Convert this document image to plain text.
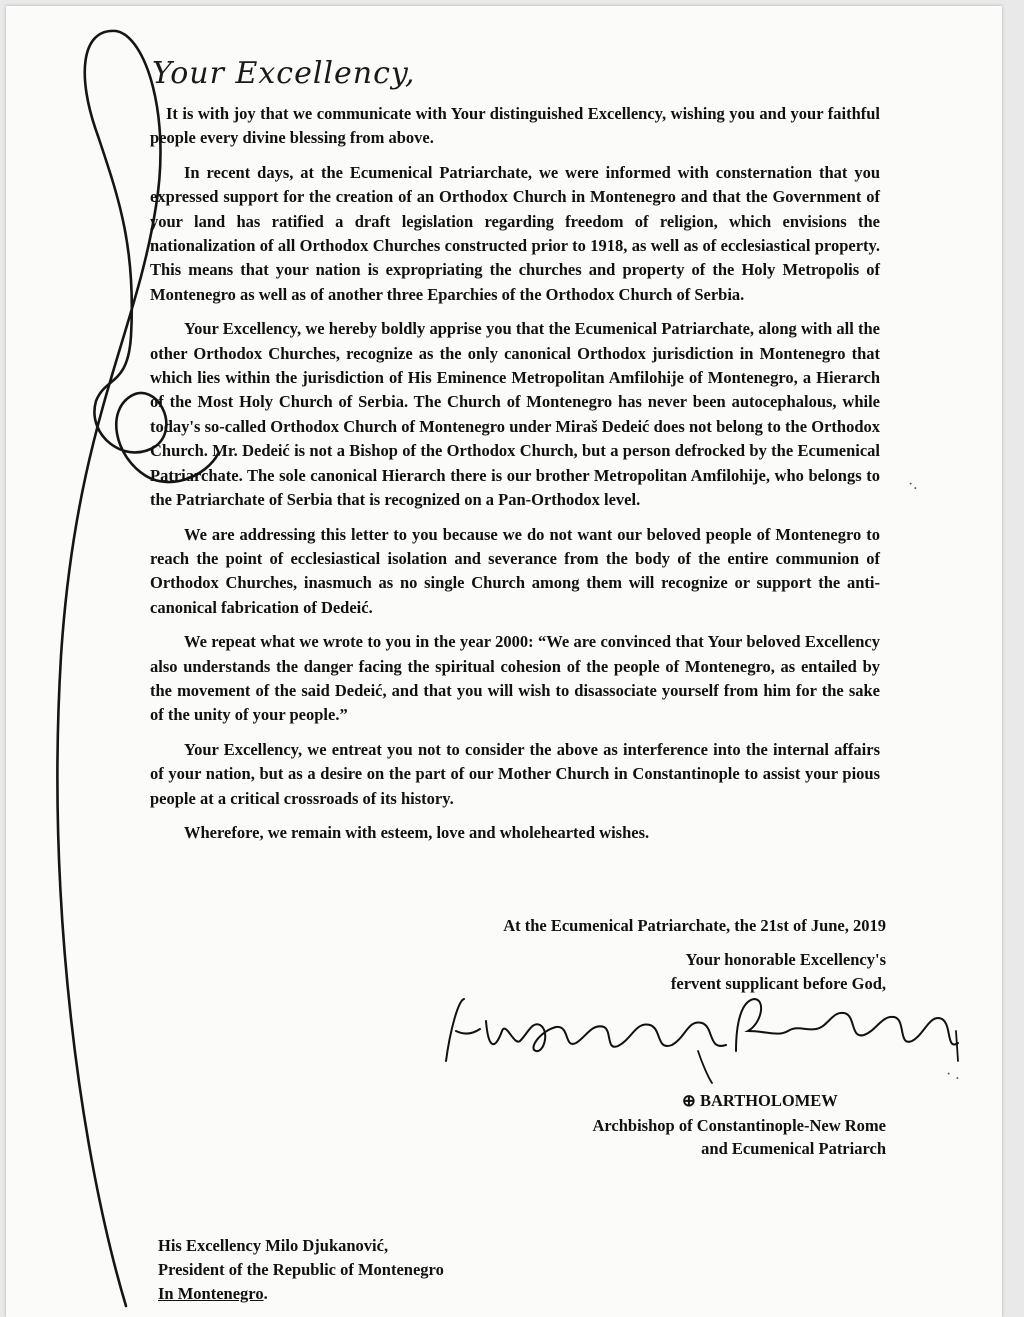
Your Excellency,

It is with joy that we communicate with Your distinguished Excellency, wishing you and your faithful people every divine blessing from above.

In recent days, at the Ecumenical Patriarchate, we were informed with consternation that you expressed support for the creation of an Orthodox Church in Montenegro and that the Government of your land has ratified a draft legislation regarding freedom of religion, which envisions the nationalization of all Orthodox Churches constructed prior to 1918, as well as of ecclesiastical property. This means that your nation is expropriating the churches and property of the Holy Metropolis of Montenegro as well as of another three Eparchies of the Orthodox Church of Serbia.

Your Excellency, we hereby boldly apprise you that the Ecumenical Patriarchate, along with all the other Orthodox Churches, recognize as the only canonical Orthodox jurisdiction in Montenegro that which lies within the jurisdiction of His Eminence Metropolitan Amfilohije of Montenegro, a Hierarch of the Most Holy Church of Serbia. The Church of Montenegro has never been autocephalous, while today's so-called Orthodox Church of Montenegro under Miraš Dedeić does not belong to the Orthodox Church. Mr. Dedeić is not a Bishop of the Orthodox Church, but a person defrocked by the Ecumenical Patriarchate. The sole canonical Hierarch there is our brother Metropolitan Amfilohije, who belongs to the Patriarchate of Serbia that is recognized on a Pan-Orthodox level.

We are addressing this letter to you because we do not want our beloved people of Montenegro to reach the point of ecclesiastical isolation and severance from the body of the entire communion of Orthodox Churches, inasmuch as no single Church among them will recognize or support the anti-canonical fabrication of Dedeić.

We repeat what we wrote to you in the year 2000: “We are convinced that Your beloved Excellency also understands the danger facing the spiritual cohesion of the people of Montenegro, as entailed by the movement of the said Dedeić, and that you will wish to disassociate yourself from him for the sake of the unity of your people.”

Your Excellency, we entreat you not to consider the above as interference into the internal affairs of your nation, but as a desire on the part of our Mother Church in Constantinople to assist your pious people at a critical crossroads of its history.

Wherefore, we remain with esteem, love and wholehearted wishes.

At the Ecumenical Patriarchate, the 21st of June, 2019
Your honorable Excellency's
fervent supplicant before God,
⊕ BARTHOLOMEW
Archbishop of Constantinople-New Rome
and Ecumenical Patriarch
His Excellency Milo Djukanović,
President of the Republic of Montenegro
In Montenegro.
·.
· .
